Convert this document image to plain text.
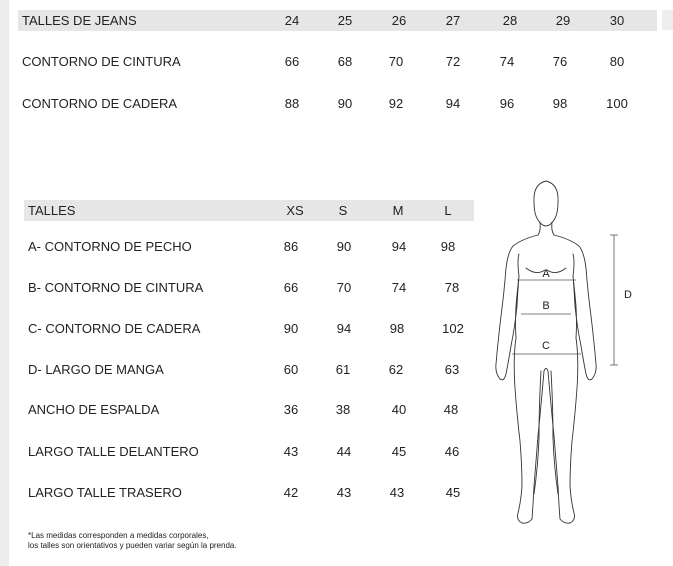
TALLES DE JEANS	24	25	26	27	28	29	30
CONTORNO DE CINTURA	66	68	70	72	74	76	80
CONTORNO DE CADERA	88	90	92	94	96	98	100
TALLES	XS	S	M	L
A- CONTORNO DE PECHO	86	90	94	98
B- CONTORNO DE CINTURA	66	70	74	78
C- CONTORNO DE CADERA	90	94	98	102
D- LARGO DE MANGA	60	61	62	63
ANCHO DE ESPALDA	36	38	40	48
LARGO TALLE DELANTERO	43	44	45	46
LARGO TALLE TRASERO	42	43	43	45
*Las medidas corresponden a medidas corporales,
los talles son orientativos y pueden variar según la prenda.
A
B
C
D
